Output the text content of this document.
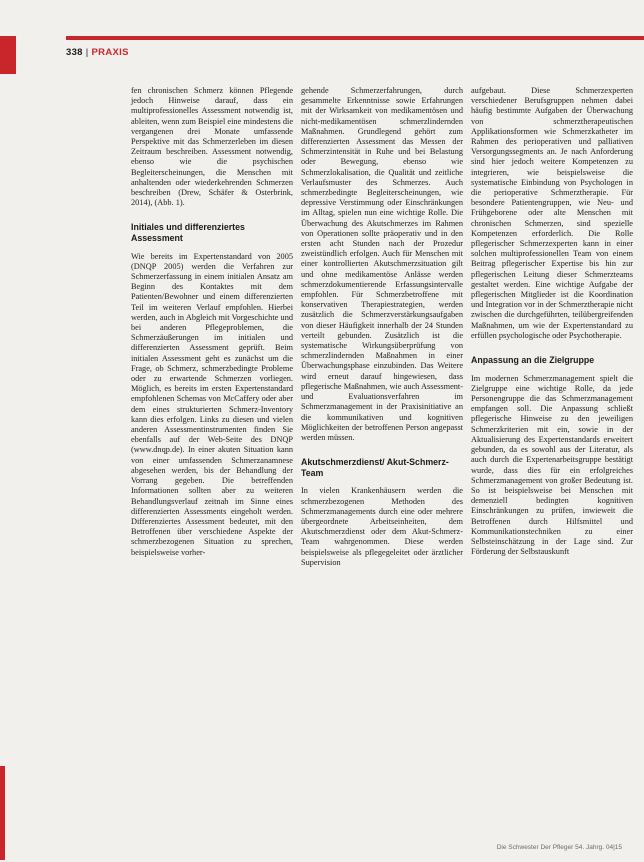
338 | PRAXIS

fen chronischen Schmerz können Pflegende jedoch Hinweise darauf, dass ein multiprofessionelles Assessment notwendig ist, ableiten, wenn zum Beispiel eine mindestens die vergangenen drei Monate umfassende Perspektive mit das Schmerzerleben im diesen Zeitraum beschreiben. Assessment notwendig, ebenso wie die psychischen Begleiterscheinungen, die Menschen mit anhaltenden oder wiederkehrenden Schmerzen beschreiben (Drew, Schäfer & Osterbrink, 2014), (Abb. 1).

Initiales und differenziertes Assessment

Wie bereits im Expertenstandard von 2005 (DNQP 2005) werden die Verfahren zur Schmerzerfassung in einem initialen Ansatz am Beginn des Kontaktes mit dem Patienten/Bewohner und einem differenzierten Teil im weiteren Verlauf empfohlen. Hierbei werden, auch in Abgleich mit Vorgeschichte und bei anderen Pflegeproblemen, die Schmerzäußerungen im initialen und differenzierten Assessment geprüft. Beim initialen Assessment geht es zunächst um die Frage, ob Schmerz, schmerzbedingte Probleme oder zu erwartende Schmerzen vorliegen. Möglich, es bereits im ersten Expertenstandard empfohlenen Schemas von McCaffery oder aber dem eines strukturierten Schmerz-Inventory kann dies erfolgen. Links zu diesen und vielen anderen Assessmentinstrumenten finden Sie ebenfalls auf der Web-Seite des DNQP (www.dnqp.de). In einer akuten Situation kann von einer umfassenden Schmerzanamnese abgesehen werden, bis der Behandlung der Vorrang gegeben. Die betreffenden Informationen sollten aber zu weiteren Behandlungsverlauf zeitnah im Sinne eines differenzierten Assessments eingeholt werden. Differenziertes Assessment bedeutet, mit den Betroffenen über verschiedene Aspekte der schmerzbezogenen Situation zu sprechen, beispielsweise vorher-

gehende Schmerzerfahrungen, durch gesammelte Erkenntnisse sowie Erfahrungen mit der Wirksamkeit von medikamentösen und nicht-medikamentösen schmerzlindernden Maßnahmen. Grundlegend gehört zum differenzierten Assessment das Messen der Schmerzintensität in Ruhe und bei Belastung oder Bewegung, ebenso wie Schmerzlokalisation, die Qualität und zeitliche Verlaufsmuster des Schmerzes. Auch schmerzbedingte Begleiterscheinungen, wie depressive Verstimmung oder Einschränkungen im Alltag, spielen nun eine wichtige Rolle. Die Überwachung des Akutschmerzes im Rahmen von Operationen sollte präoperativ und in den ersten acht Stunden nach der Prozedur zweistündlich erfolgen. Auch für Menschen mit einer kontrollierten Akutschmerzsituation gilt und ohne medikamentöse Anlässe werden schmerzdokumentierende Erfassungsintervalle empfohlen. Für Schmerzbetroffene mit konservativen Therapiestrategien, werden zusätzlich die Schmerzverstärkungsaufgaben von dieser Häufigkeit innerhalb der 24 Stunden verteilt gebunden. Zusätzlich ist die systematische Wirkungsüberprüfung von schmerzlindernden Maßnahmen in einer Überwachungsphase einzubinden. Das Weitere wird erneut darauf hingewiesen, dass pflegerische Maßnahmen, wie auch Assessment- und Evaluationsverfahren im Schmerzmanagement in der Praxisinitiative an die kommunikativen und kognitiven Möglichkeiten der betroffenen Person angepasst werden müssen.

Akutschmerzdienst/ Akut-Schmerz-Team

In vielen Krankenhäusern werden die schmerzbezogenen Methoden des Schmerzmanagements durch eine oder mehrere übergeordnete Arbeitseinheiten, dem Akutschmerzdienst oder dem Akut-Schmerz-Team wahrgenommen. Diese werden beispielsweise als pflegegeleitet oder ärztlicher Supervision

aufgebaut. Diese Schmerzexperten verschiedener Berufsgruppen nehmen dabei häufig bestimmte Aufgaben der Überwachung von schmerztherapeutischen Applikationsformen wie Schmerzkatheter im Rahmen des perioperativen und palliativen Versorgungssegments an. Je nach Anforderung sind hier jedoch weitere Kompetenzen zu integrieren, wie beispielsweise die systematische Einbindung von Psychologen in die perioperative Schmerztherapie. Für besondere Patientengruppen, wie Neu- und Frühgeborene oder alte Menschen mit chronischen Schmerzen, sind spezielle Kompetenzen erforderlich. Die Rolle pflegerischer Schmerzexperten kann in einer solchen multiprofessionellen Team von einem Beitrag pflegerischer Expertise bis hin zur pflegerischen Leitung dieser Schmerzteams gestaltet werden. Eine wichtige Aufgabe der pflegerischen Mitglieder ist die Koordination und Integration vor in der Schmerztherapie nicht zwischen die durchgeführten, teilübergreifenden Maßnahmen, um wie der Expertenstandard zu erfüllen psychologische oder Psychotherapie.

Anpassung an die Zielgruppe

Im modernen Schmerzmanagement spielt die Zielgruppe eine wichtige Rolle, da jede Personengruppe die das Schmerzmanagement empfangen soll. Die Anpassung schließt pflegerische Hinweise zu den jeweiligen Schmerzkriterien mit ein, sowie in der Aktualisierung des Expertenstandards erweitert gebunden, da es sowohl aus der Literatur, als auch durch die Expertenarbeitsgruppe bestätigt wurde, dass dies für ein erfolgreiches Schmerzmanagement von großer Bedeutung ist. So ist beispielsweise bei Menschen mit demenziell bedingten kognitiven Einschränkungen zu prüfen, inwieweit die Betroffenen durch Hilfsmittel und Kommunikationstechniken zu einer Selbsteinschätzung in der Lage sind. Zur Förderung der Selbstauskunft

Die Schwester Der Pfleger 54. Jahrg. 04|15
